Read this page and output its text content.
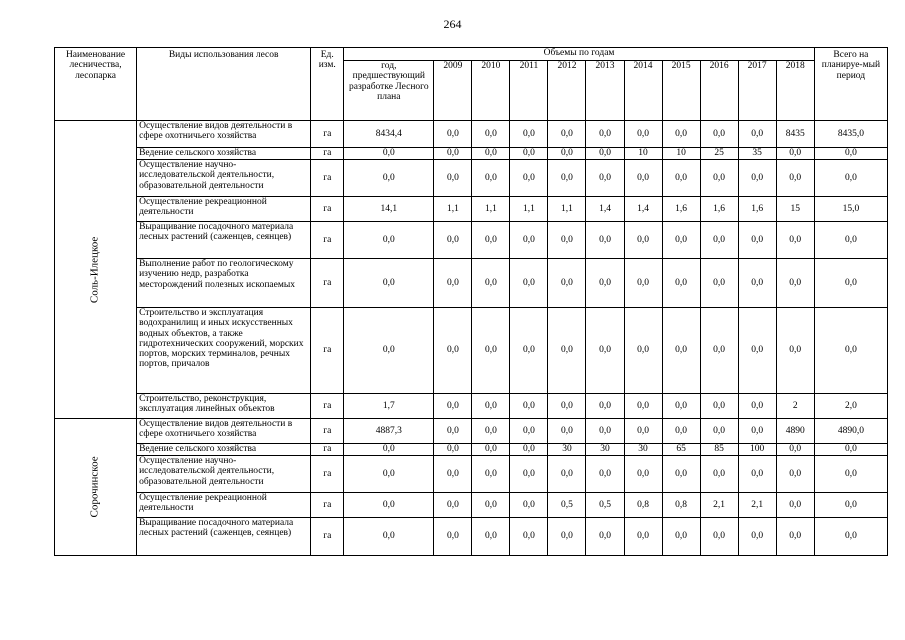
264
Наименование лесничества, лесопарка	Виды использования лесов	Ед. изм.	Объемы по годам											Всего на планируе-мый период
			год, предшествующий разработке Лесного плана	2009	2010	2011	2012	2013	2014	2015	2016	2017	2018	
Соль-Илецкое	Осуществление видов деятельности в сфере охотничьего хозяйства	га	8434,4	0,0	0,0	0,0	0,0	0,0	0,0	0,0	0,0	0,0	8435	8435,0
	Ведение сельского хозяйства	га	0,0	0,0	0,0	0,0	0,0	0,0	10	10	25	35	0,0	0,0
	Осуществление научно-исследовательской деятельности, образовательной деятельности	га	0,0	0,0	0,0	0,0	0,0	0,0	0,0	0,0	0,0	0,0	0,0	0,0
	Осуществление рекреационной деятельности	га	14,1	1,1	1,1	1,1	1,1	1,4	1,4	1,6	1,6	1,6	15	15,0
	Выращивание посадочного материала лесных растений (саженцев, сеянцев)	га	0,0	0,0	0,0	0,0	0,0	0,0	0,0	0,0	0,0	0,0	0,0	0,0
	Выполнение работ по геологическому изучению недр, разработка месторождений полезных ископаемых	га	0,0	0,0	0,0	0,0	0,0	0,0	0,0	0,0	0,0	0,0	0,0	0,0
	Строительство и эксплуатация водохранилищ и иных искусственных водных объектов, а также гидротехнических сооружений, морских портов, морских терминалов, речных портов, причалов	га	0,0	0,0	0,0	0,0	0,0	0,0	0,0	0,0	0,0	0,0	0,0	0,0
	Строительство, реконструкция, эксплуатация линейных объектов	га	1,7	0,0	0,0	0,0	0,0	0,0	0,0	0,0	0,0	0,0	2	2,0
Сорочинское	Осуществление видов деятельности в сфере охотничьего хозяйства	га	4887,3	0,0	0,0	0,0	0,0	0,0	0,0	0,0	0,0	0,0	4890	4890,0
	Ведение сельского хозяйства	га	0,0	0,0	0,0	0,0	30	30	30	65	85	100	0,0	0,0
	Осуществление научно-исследовательской деятельности, образовательной деятельности	га	0,0	0,0	0,0	0,0	0,0	0,0	0,0	0,0	0,0	0,0	0,0	0,0
	Осуществление рекреационной деятельности	га	0,0	0,0	0,0	0,0	0,5	0,5	0,8	0,8	2,1	2,1	0,0	0,0
	Выращивание посадочного материала лесных растений (саженцев, сеянцев)	га	0,0	0,0	0,0	0,0	0,0	0,0	0,0	0,0	0,0	0,0	0,0	0,0
